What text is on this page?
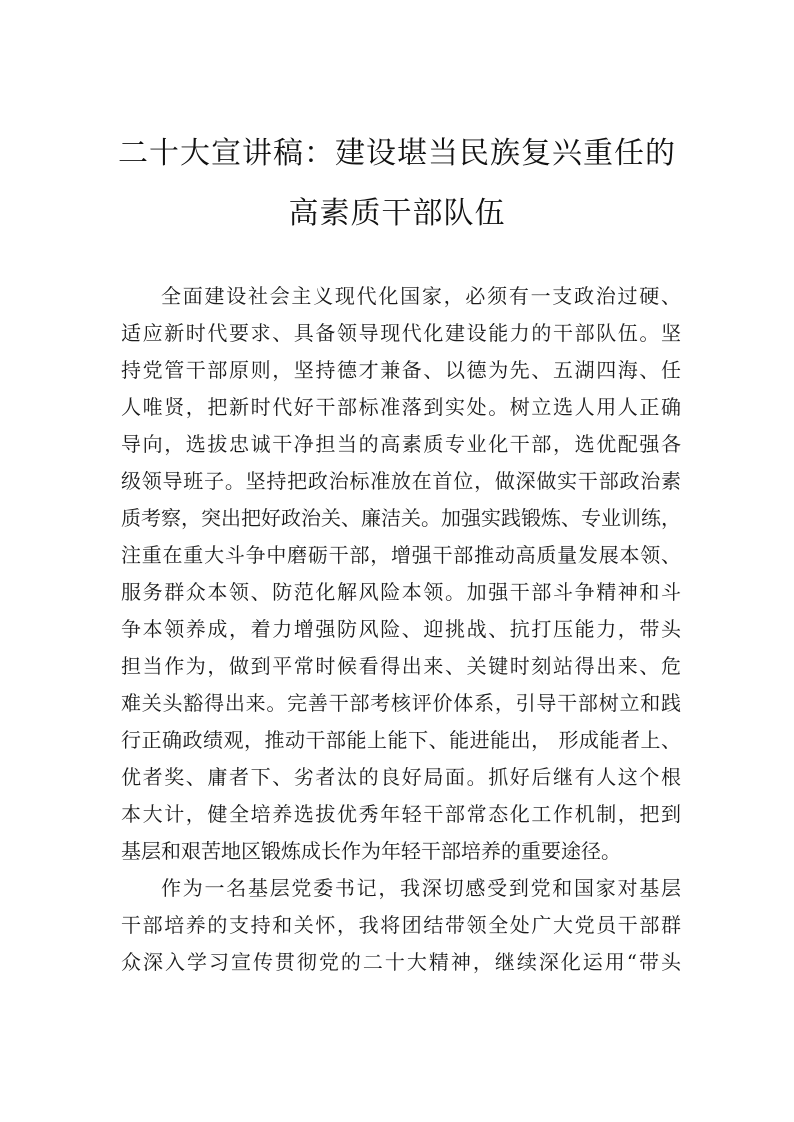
二十大宣讲稿：建设堪当民族复兴重任的
高素质干部队伍
全面建设社会主义现代化国家，必须有一支政治过硬、
适应新时代要求、具备领导现代化建设能力的干部队伍。坚
持党管干部原则，坚持德才兼备、以德为先、五湖四海、任
人唯贤，把新时代好干部标准落到实处。树立选人用人正确
导向，选拔忠诚干净担当的高素质专业化干部，选优配强各
级领导班子。坚持把政治标准放在首位，做深做实干部政治素
质考察，突出把好政治关、廉洁关。加强实践锻炼、专业训练，
注重在重大斗争中磨砺干部，增强干部推动高质量发展本领、
服务群众本领、防范化解风险本领。加强干部斗争精神和斗
争本领养成，着力增强防风险、迎挑战、抗打压能力，带头
担当作为，做到平常时候看得出来、关键时刻站得出来、危
难关头豁得出来。完善干部考核评价体系，引导干部树立和践
行正确政绩观，推动干部能上能下、能进能出， 形成能者上、
优者奖、庸者下、劣者汰的良好局面。抓好后继有人这个根
本大计，健全培养选拔优秀年轻干部常态化工作机制，把到
基层和艰苦地区锻炼成长作为年轻干部培养的重要途径。
作为一名基层党委书记，我深切感受到党和国家对基层
干部培养的支持和关怀，我将团结带领全处广大党员干部群
众深入学习宣传贯彻党的二十大精神，继续深化运用“带头
